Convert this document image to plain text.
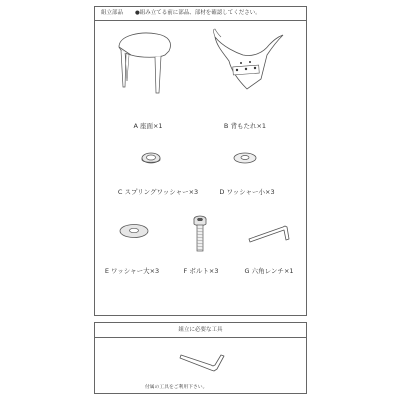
組立部品 ●組み立てる前に部品、部材を確認してください。
A 座面×1	B 背もたれ×1
C スプリングワッシャー×3	D ワッシャー小×3
E ワッシャー大×3	F ボルト×3	G 六角レンチ×1
組立に必要な工具
付属の工具をご利用下さい。
